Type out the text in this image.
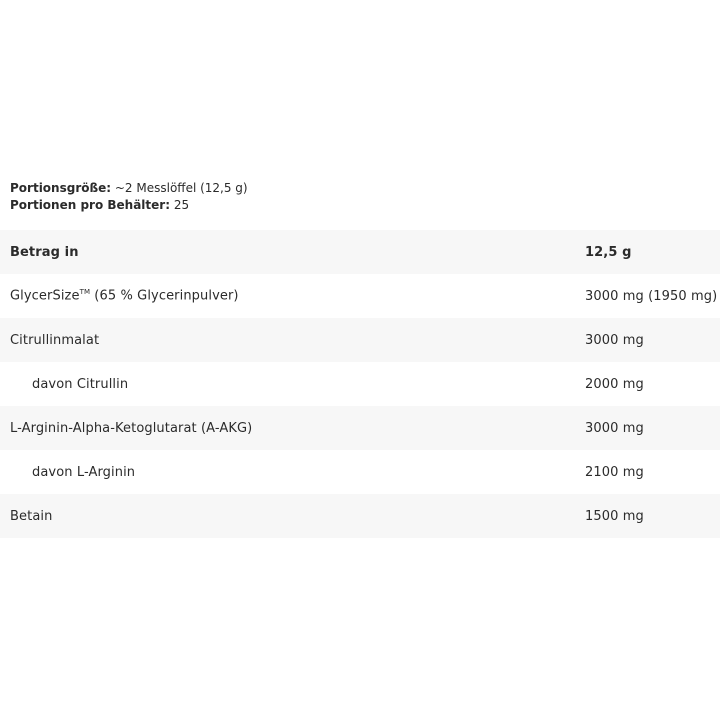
Portionsgröße: ~2 Messlöffel (12,5 g)
Portionen pro Behälter: 25
Betrag in	12,5 g
GlycerSize™ (65 % Glycerinpulver)	3000 mg (1950 mg)
Citrullinmalat	3000 mg
davon Citrullin	2000 mg
L-Arginin-Alpha-Ketoglutarat (A-AKG)	3000 mg
davon L-Arginin	2100 mg
Betain	1500 mg
